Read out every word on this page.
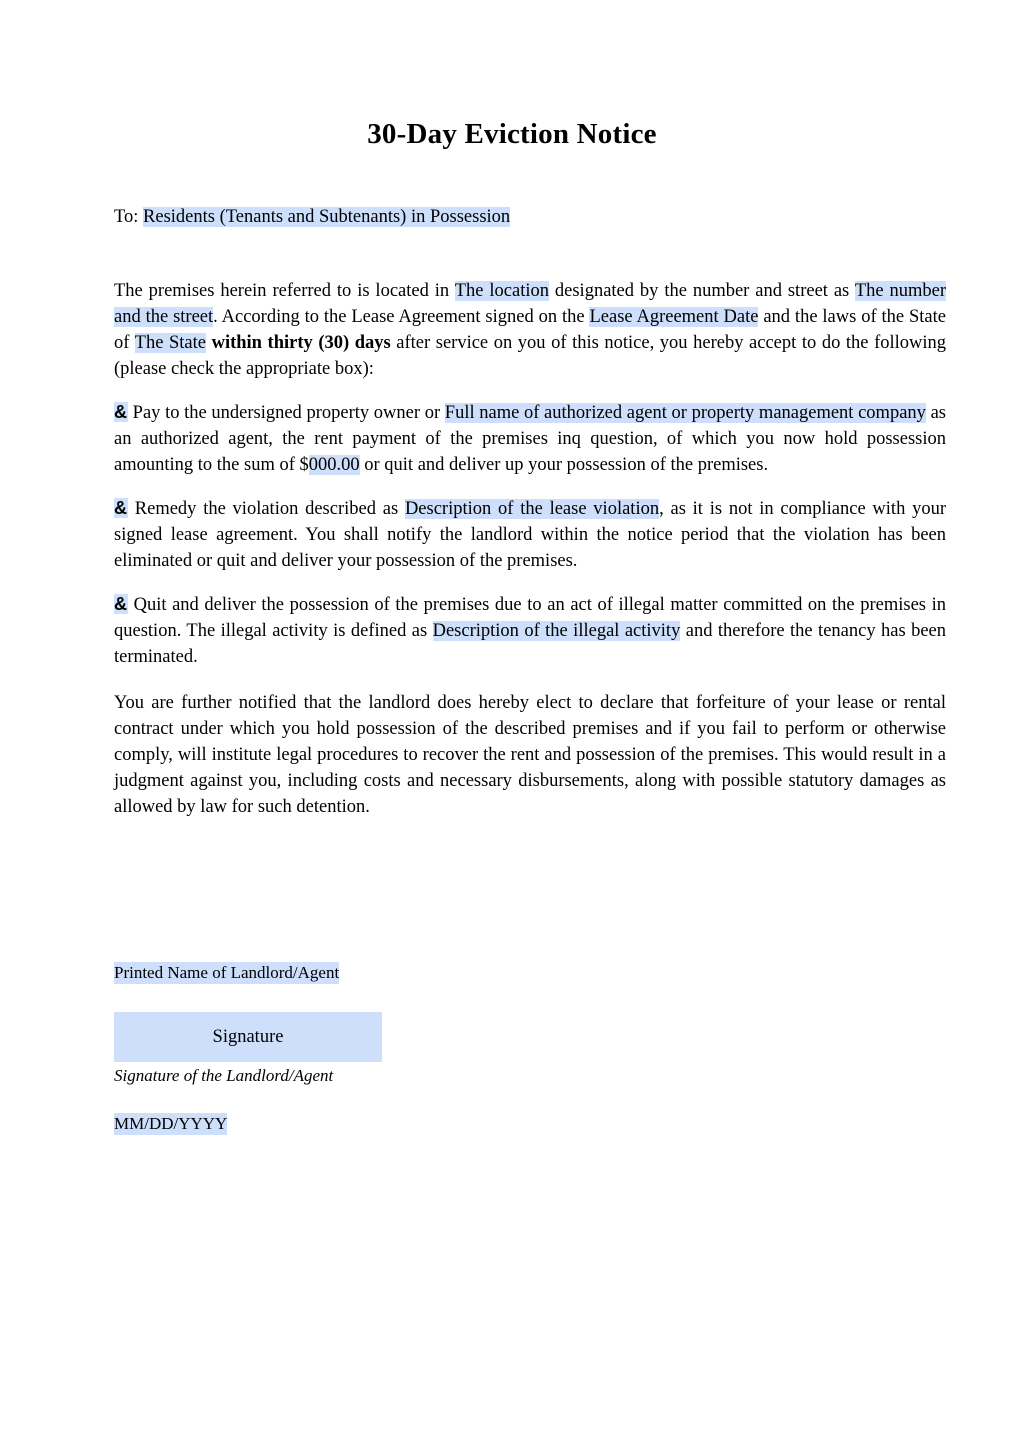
30-Day Eviction Notice

To: Residents (Tenants and Subtenants) in Possession

The premises herein referred to is located in The location designated by the number and street as The number and the street. According to the Lease Agreement signed on the Lease Agreement Date and the laws of the State of The State within thirty (30) days after service on you of this notice, you hereby accept to do the following (please check the appropriate box):

& Pay to the undersigned property owner or Full name of authorized agent or property management company as an authorized agent, the rent payment of the premises inq question, of which you now hold possession amounting to the sum of $000.00 or quit and deliver up your possession of the premises.

& Remedy the violation described as Description of the lease violation, as it is not in compliance with your signed lease agreement. You shall notify the landlord within the notice period that the violation has been eliminated or quit and deliver your possession of the premises.

& Quit and deliver the possession of the premises due to an act of illegal matter committed on the premises in question. The illegal activity is defined as Description of the illegal activity and therefore the tenancy has been terminated.

You are further notified that the landlord does hereby elect to declare that forfeiture of your lease or rental contract under which you hold possession of the described premises and if you fail to perform or otherwise comply, will institute legal procedures to recover the rent and possession of the premises. This would result in a judgment against you, including costs and necessary disbursements, along with possible statutory damages as allowed by law for such detention.

Printed Name of Landlord/Agent
Signature
Signature of the Landlord/Agent
MM/DD/YYYY
